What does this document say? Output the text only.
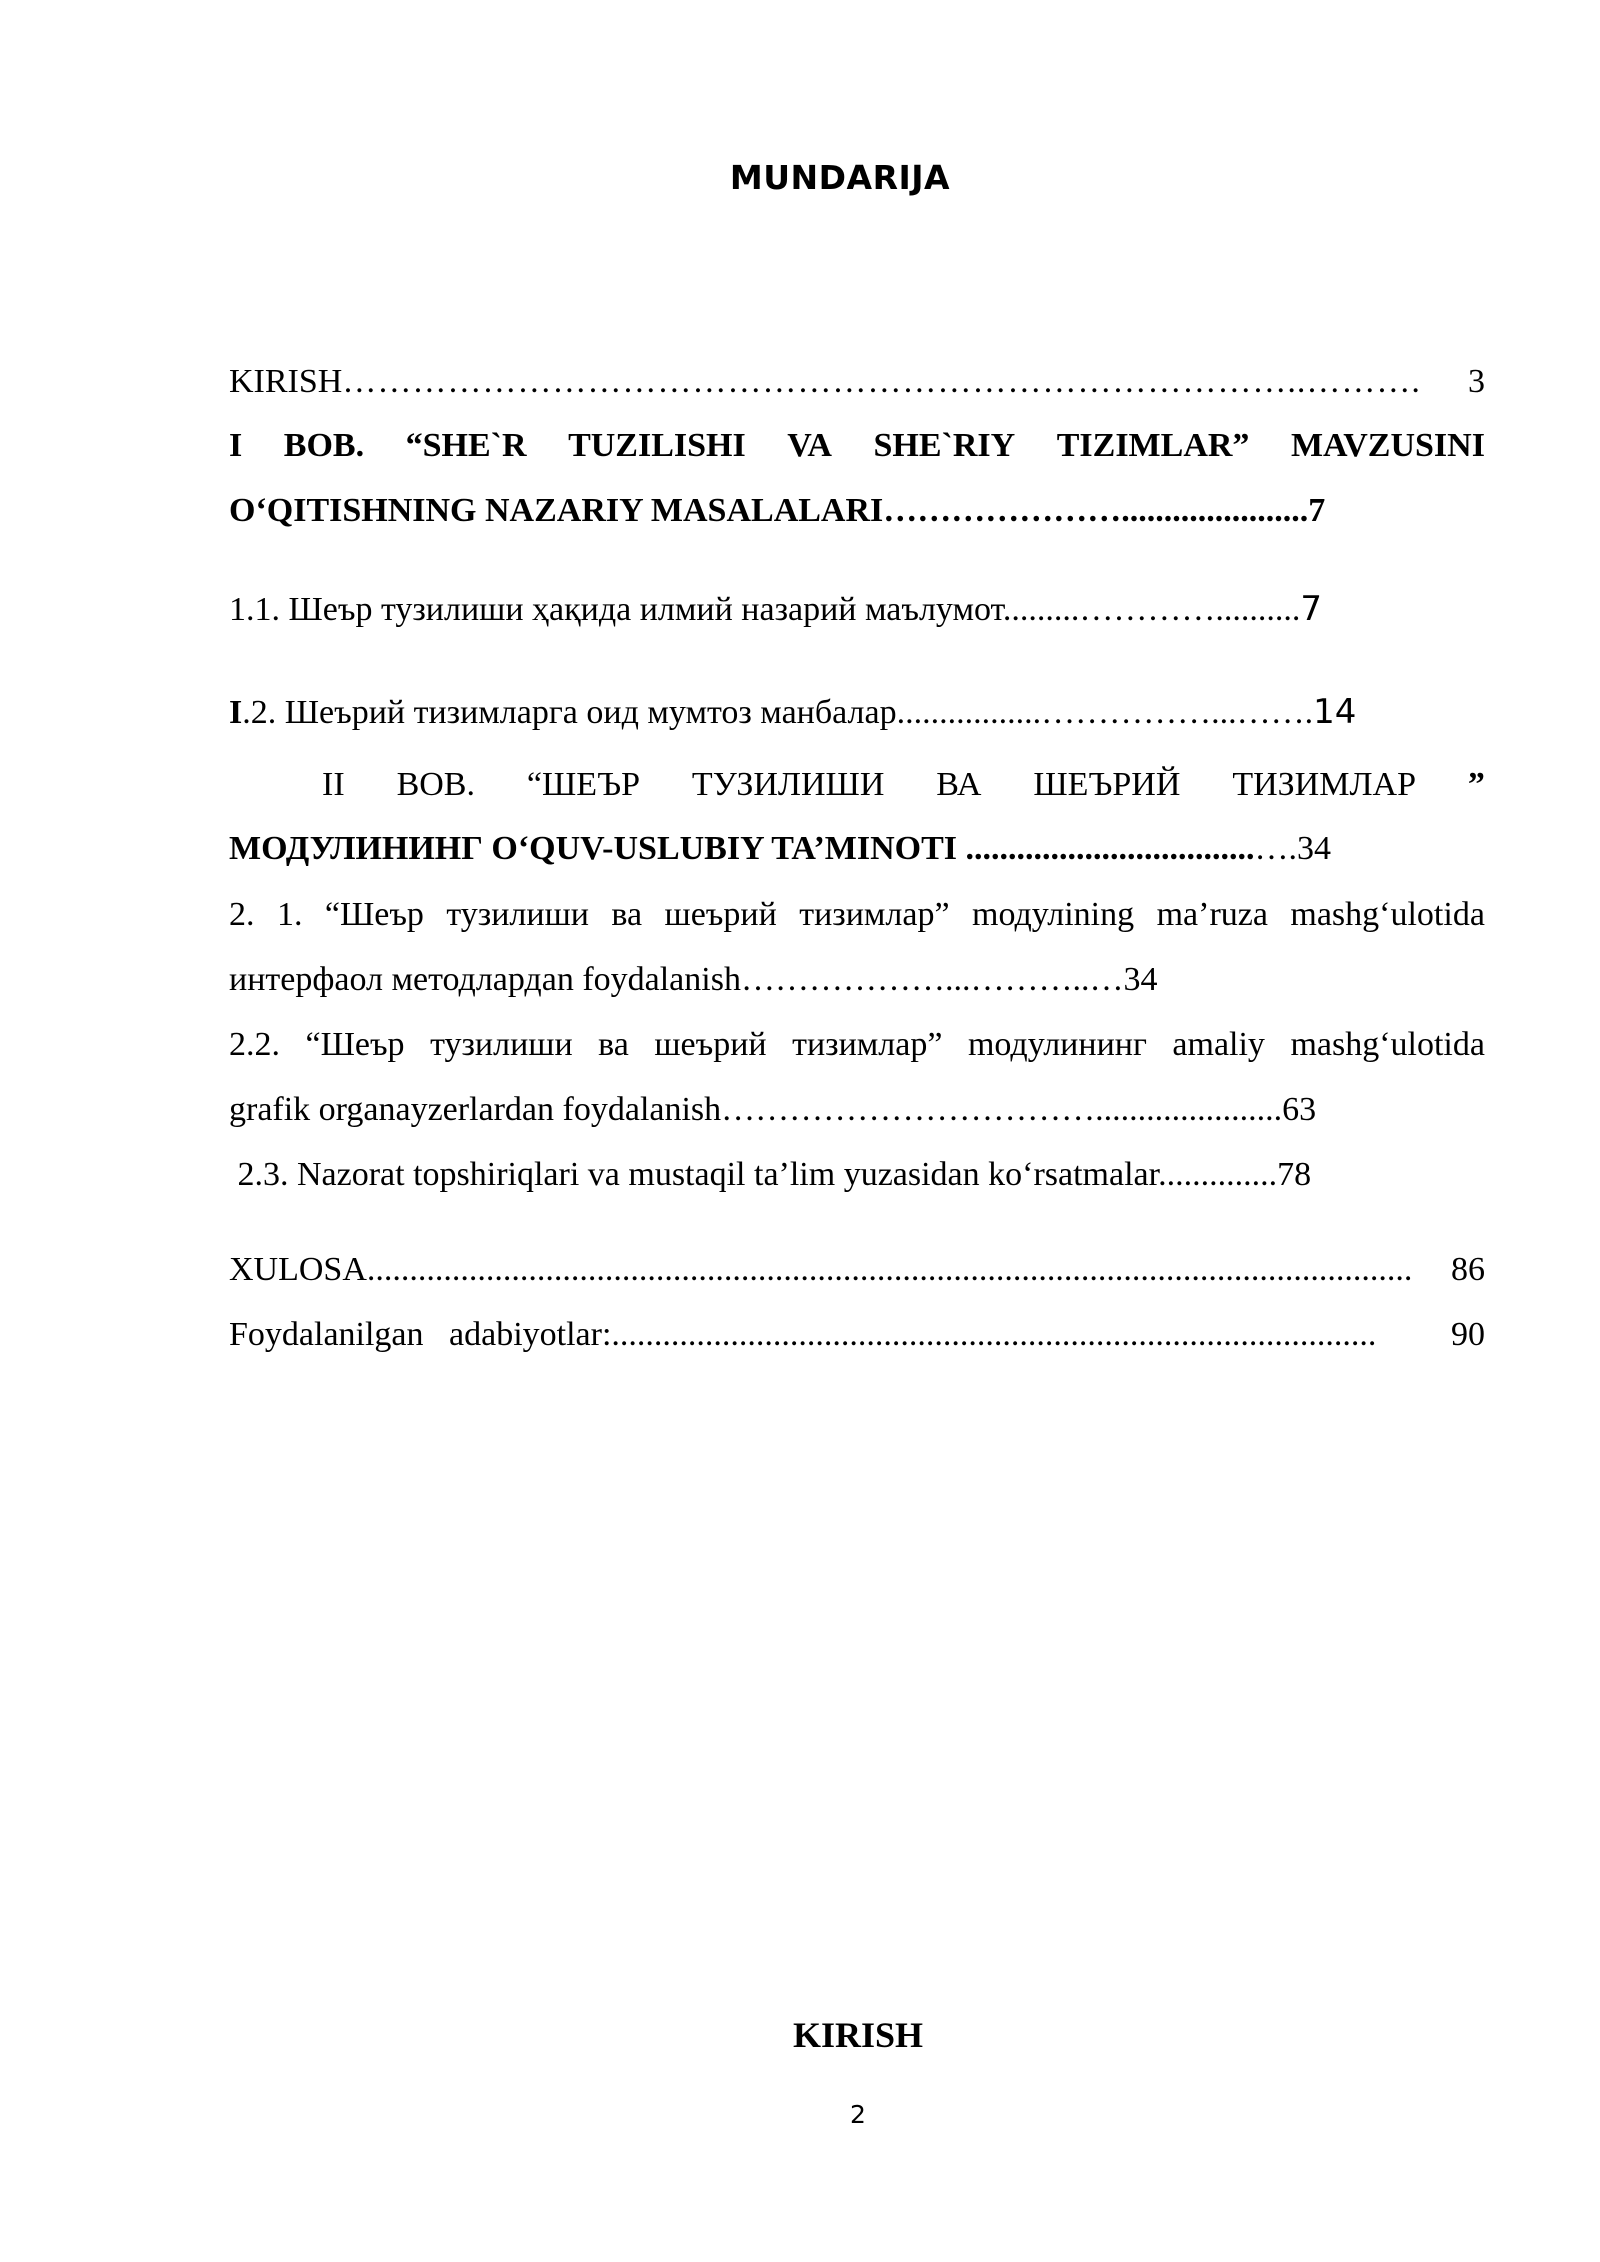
MUNDARIJA
KIRISH ………………………………………………………………………..……….	3
I BOB. “SHE`R TUZILISHI VA SHE`RIY TIZIMLAR” MAVZUSINI
O‘QITISHNING NAZARIY MASALALARI…………………......................7
1.1. Шеър тузилиши ҳақида илмий назарий маълумот.........…………..........7
I.2. Шеърий тизимларга оид мумтоз манбалар.................……………...…….14
II BOB. “ШЕЪР ТУЗИЛИШИ ВА ШЕЪРИЙ ТИЗИМЛАР ”
МОДУЛИНИНГ O‘QUV-USLUBIY TA’MINOTI ..................................….34
2. 1. “Шеър тузилиши ва шеърий тизимлар” mодулining ma’ruza mashg‘ulotida
интерфаол методлардan foydalanish………………...………..…34
2.2. “Шеър тузилиши ва шеърий тизимлар” mодулининг amaliy mashg‘ulotida
grafik organayzerlardan foydalanish……………………………......................63
2.3. Nazorat topshiriqlari va mustaqil ta’lim yuzasidan ko‘rsatmalar..............78
XULOSA ...........................................................................................................................	86
Foydalanilgan   adabiyotlar: ..........................................................................................	90
KIRISH
2
